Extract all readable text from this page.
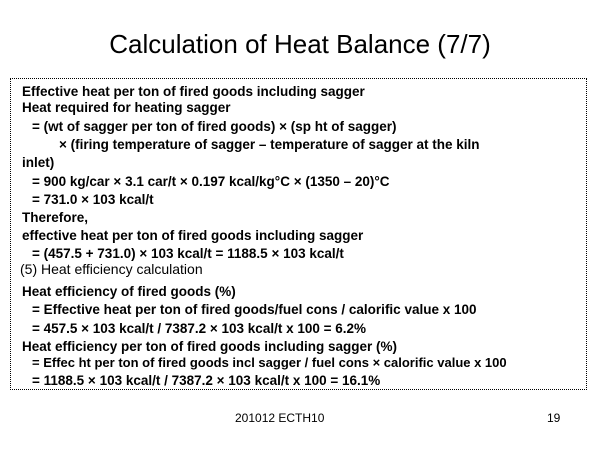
Calculation of Heat Balance (7/7)
Effective heat per ton of fired goods including sagger
Heat required for heating sagger
= (wt of sagger per ton of fired goods) × (sp ht of sagger)
× (firing temperature of sagger – temperature of sagger at the kiln
inlet)
= 900 kg/car × 3.1 car/t × 0.197 kcal/kg°C × (1350 – 20)°C
= 731.0 × 103 kcal/t
Therefore,
effective heat per ton of fired goods including sagger
= (457.5 + 731.0) × 103 kcal/t = 1188.5 × 103 kcal/t
(5) Heat efficiency calculation
Heat efficiency of fired goods (%)
= Effective heat per ton of fired goods/fuel cons / calorific value x 100
= 457.5 × 103 kcal/t / 7387.2 × 103 kcal/t x 100 = 6.2%
Heat efficiency per ton of fired goods including sagger (%)
= Effec ht per ton of fired goods incl sagger / fuel cons × calorific value x 100
= 1188.5 × 103 kcal/t / 7387.2 × 103 kcal/t x 100 = 16.1%
201012 ECTH10	19
